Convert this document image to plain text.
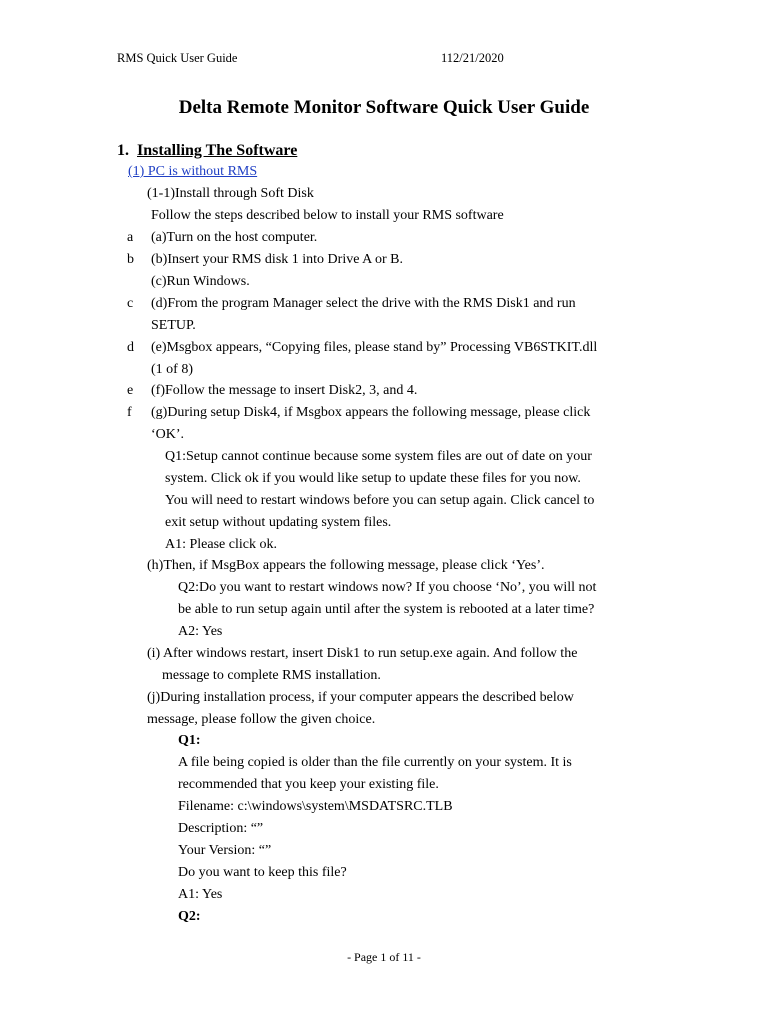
RMS Quick User Guide	112/21/2020
Delta Remote Monitor Software Quick User Guide
1. Installing The Software
(1) PC is without RMS
(1-1)Install through Soft Disk
Follow the steps described below to install your RMS software
a (a)Turn on the host computer.
b (b)Insert your RMS disk 1 into Drive A or B.
(c)Run Windows.
c (d)From the program Manager select the drive with the RMS Disk1 and run
SETUP.
d (e)Msgbox appears, “Copying files, please stand by” Processing VB6STKIT.dll
(1 of 8)
e (f)Follow the message to insert Disk2, 3, and 4.
f (g)During setup Disk4, if Msgbox appears the following message, please click
‘OK’.
Q1:Setup cannot continue because some system files are out of date on your
system. Click ok if you would like setup to update these files for you now.
You will need to restart windows before you can setup again. Click cancel to
exit setup without updating system files.
A1: Please click ok.
(h)Then, if MsgBox appears the following message, please click ‘Yes’.
Q2:Do you want to restart windows now? If you choose ‘No’, you will not
be able to run setup again until after the system is rebooted at a later time?
A2: Yes
(i) After windows restart, insert Disk1 to run setup.exe again. And follow the
message to complete RMS installation.
(j)During installation process, if your computer appears the described below
message, please follow the given choice.
Q1:
A file being copied is older than the file currently on your system. It is
recommended that you keep your existing file.
Filename: c:\windows\system\MSDATSRC.TLB
Description: “”
Your Version: “”
Do you want to keep this file?
A1: Yes
Q2:
- Page 1 of 11 -
